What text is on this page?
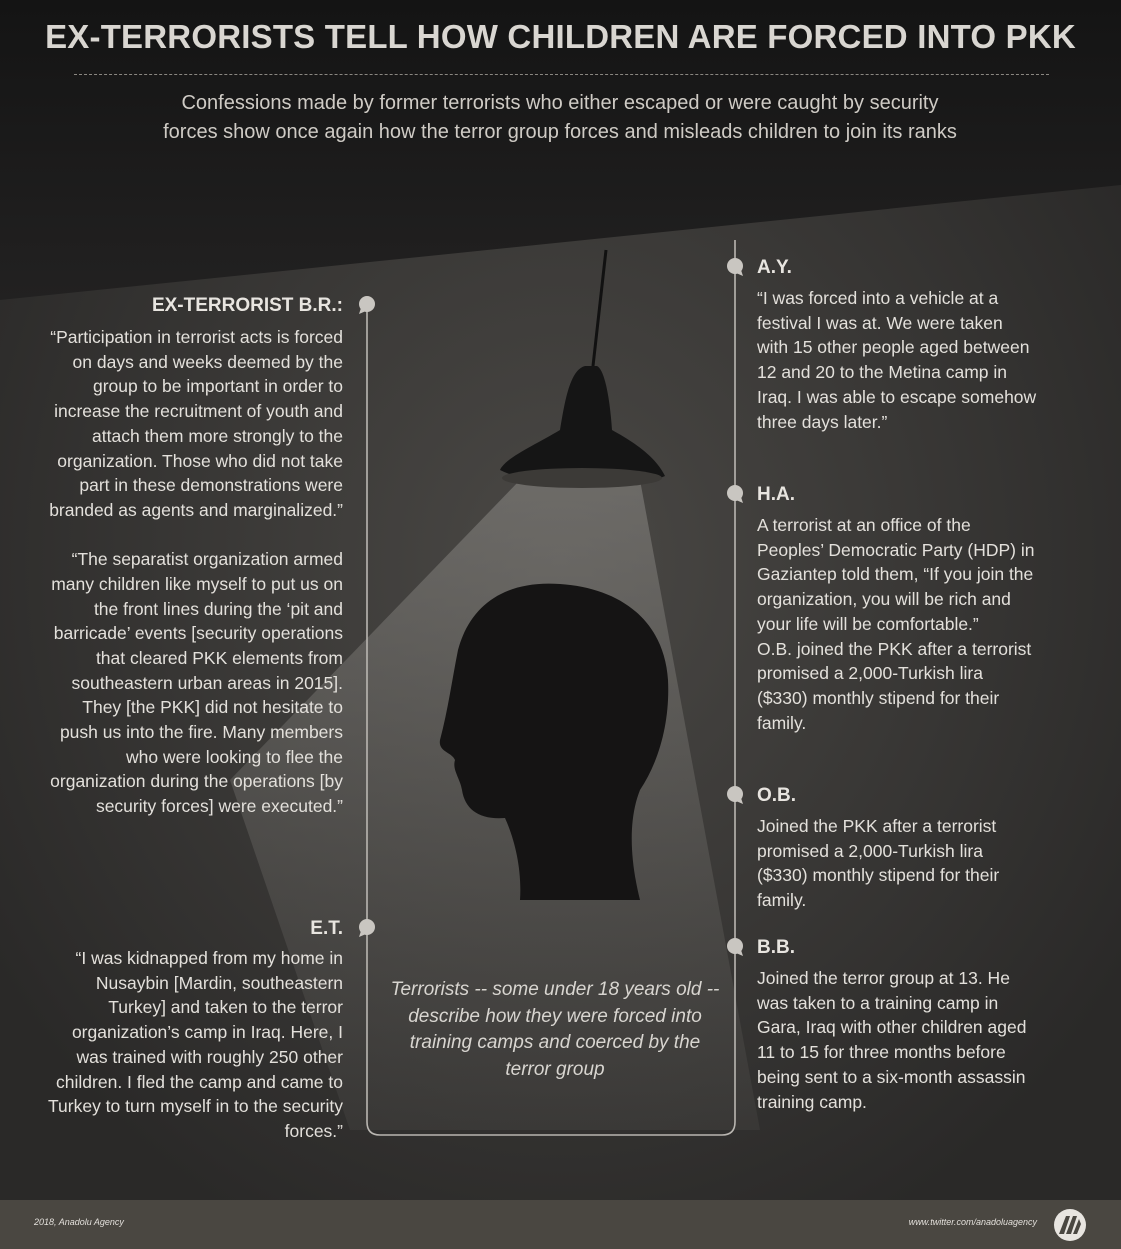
EX-TERRORISTS TELL HOW CHILDREN ARE FORCED INTO PKK
Confessions made by former terrorists who either escaped or were caught by security forces show once again how the terror group forces and misleads children to join its ranks
EX-TERRORIST B.R.:

“Participation in terrorist acts is forced on days and weeks deemed by the group to be important in order to increase the recruitment of youth and attach them more strongly to the organization. Those who did not take part in these demonstrations were branded as agents and marginalized.”

“The separatist organization armed many children like myself to put us on the front lines during the ‘pit and barricade’ events [security operations that cleared PKK elements from southeastern urban areas in 2015]. They [the PKK] did not hesitate to push us into the fire. Many members who were looking to flee the organization during the operations [by security forces] were executed.”

E.T.

“I was kidnapped from my home in Nusaybin [Mardin, southeastern Turkey] and taken to the terror organization’s camp in Iraq. Here, I was trained with roughly 250 other children. I fled the camp and came to Turkey to turn myself in to the security forces.”

A.Y.
“I was forced into a vehicle at a festival I was at. We were taken with 15 other people aged between 12 and 20 to the Metina camp in Iraq. I was able to escape somehow three days later.”
H.A.

A terrorist at an office of the Peoples’ Democratic Party (HDP) in Gaziantep told them, “If you join the organization, you will be rich and your life will be comfortable.”

O.B. joined the PKK after a terrorist promised a 2,000-Turkish lira ($330) monthly stipend for their family.

O.B.
Joined the PKK after a terrorist promised a 2,000-Turkish lira ($330) monthly stipend for their family.
B.B.
Joined the terror group at 13. He was taken to a training camp in Gara, Iraq with other children aged 11 to 15 for three months before being sent to a six-month assassin training camp.
Terrorists -- some under 18 years old -- describe how they were forced into training camps and coerced by the terror group
2018, Anadolu Agency	www.twitter.com/anadoluagency
